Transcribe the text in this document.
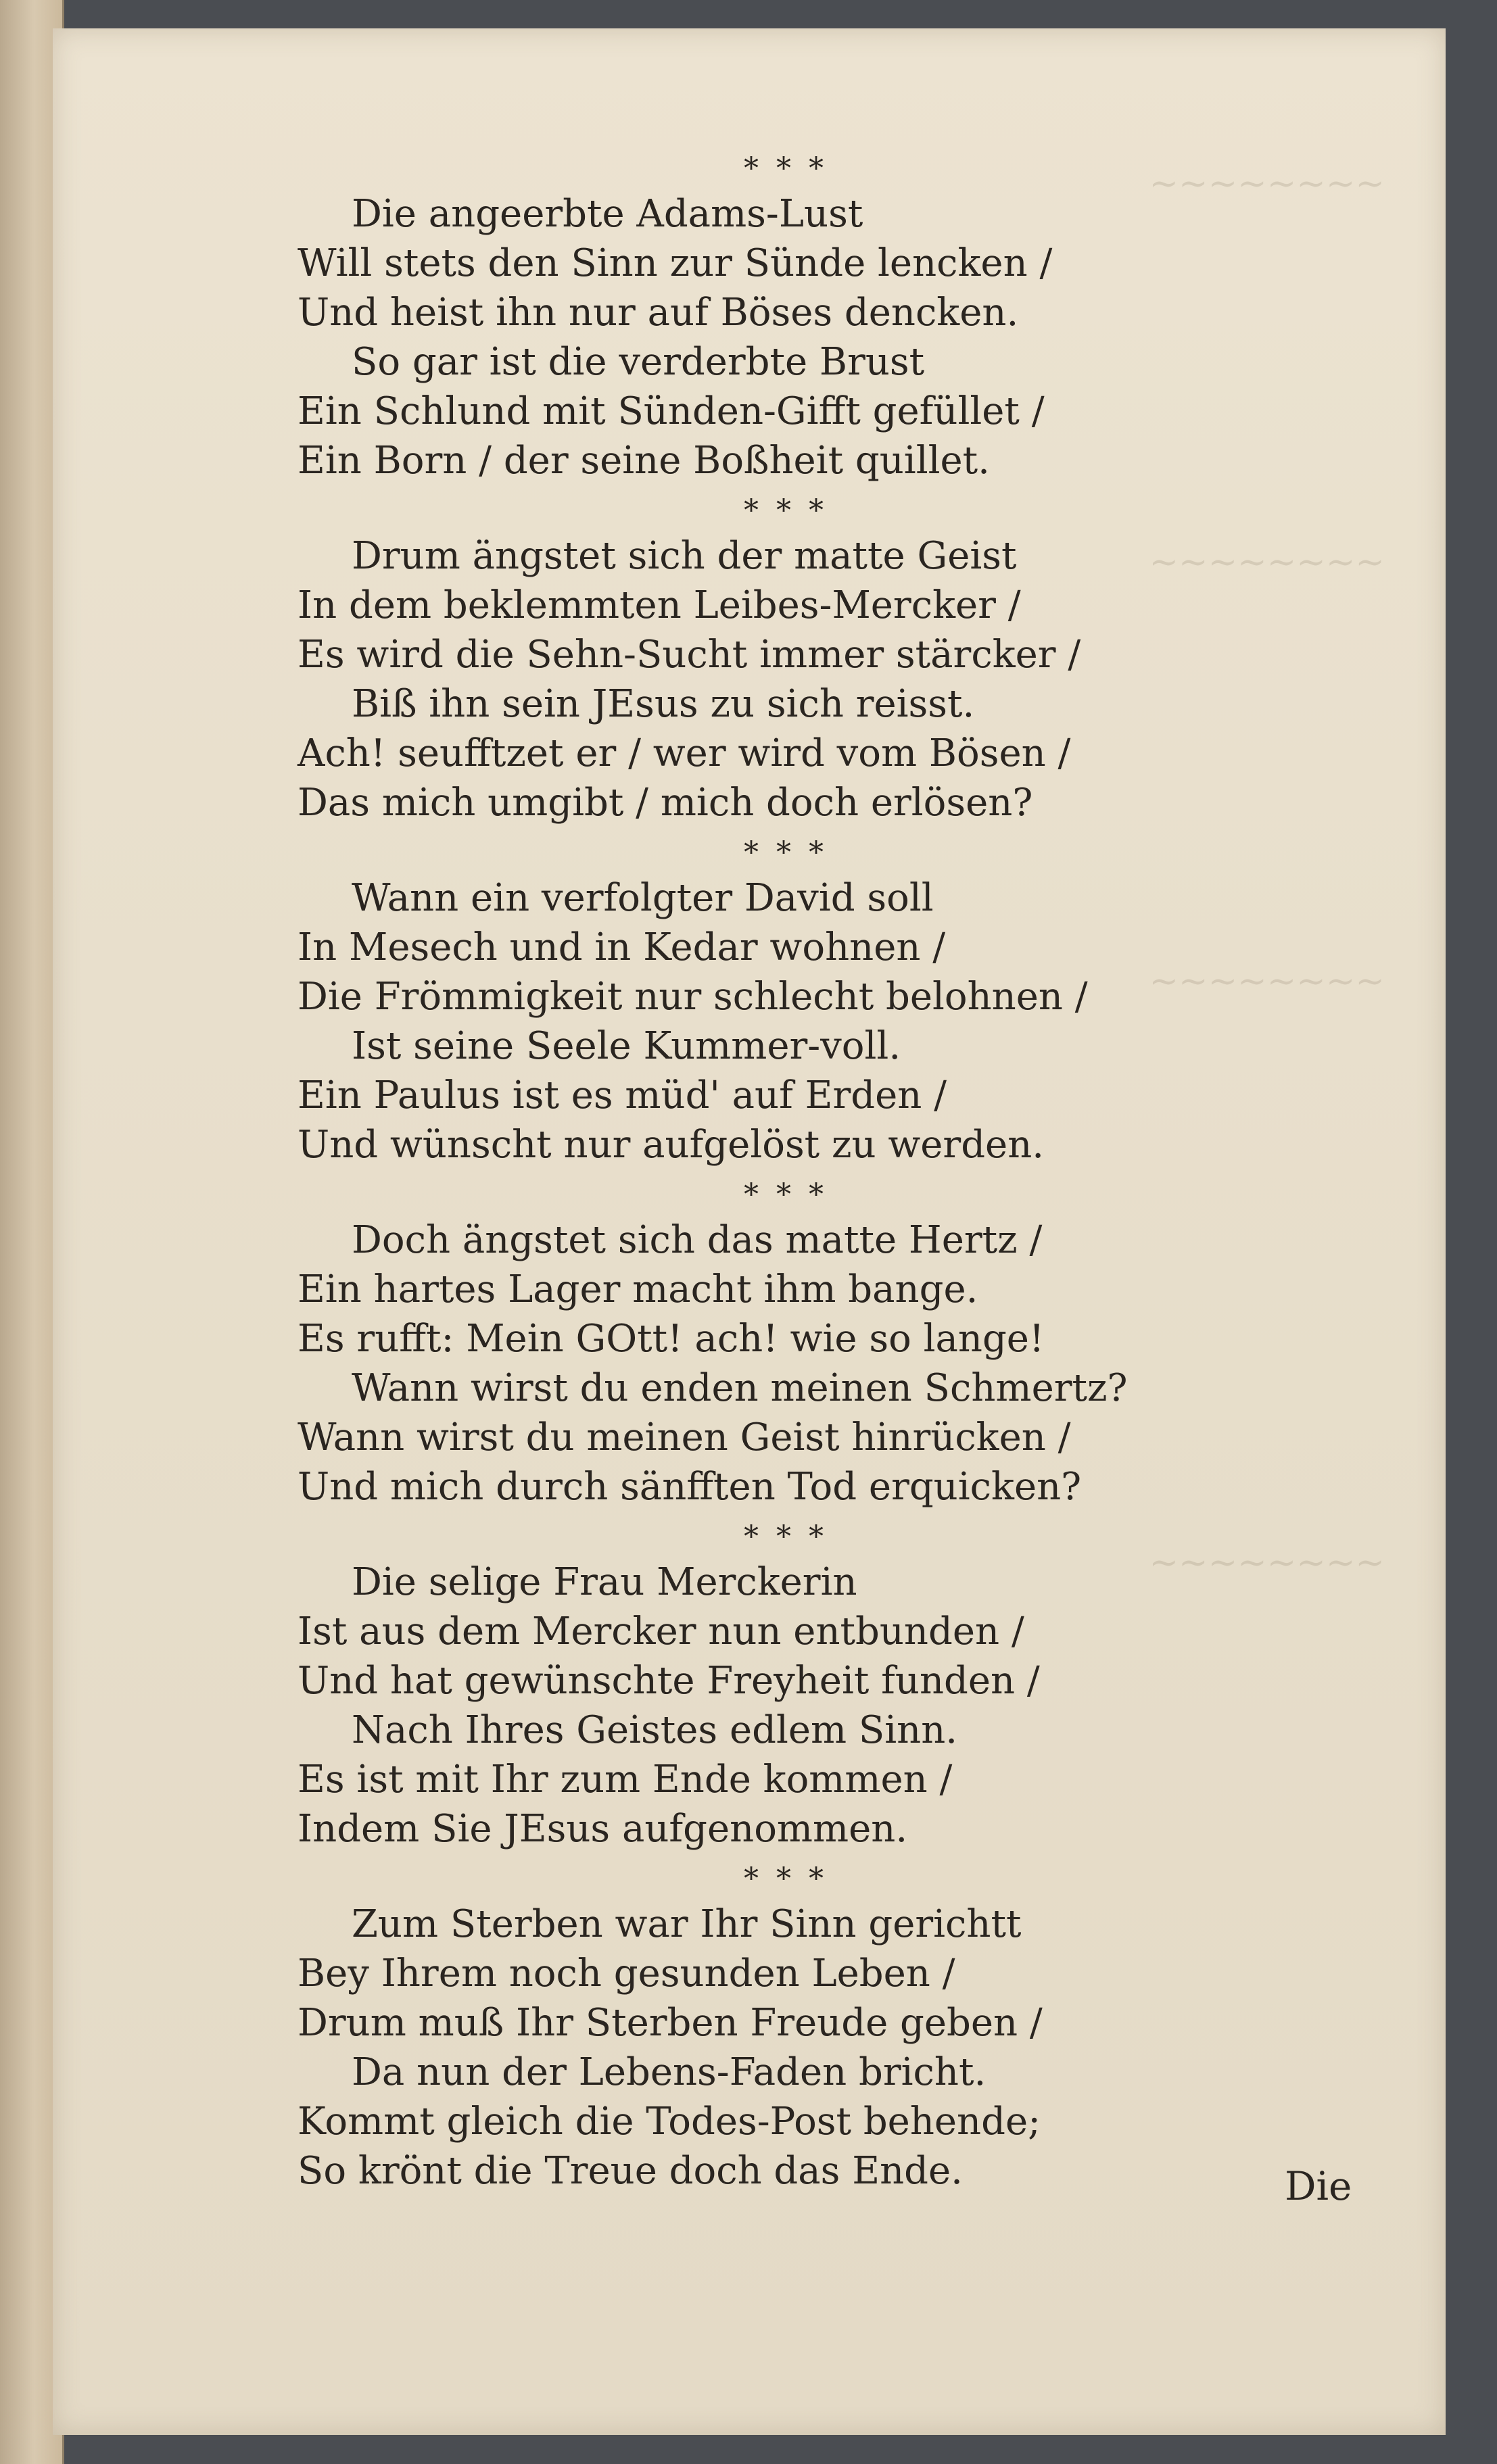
~~~~~~~~
~~~~~~~~
~~~~~~~~
~~~~~~~~
* * *
Die angeerbte Adams-Lust
Will stets den Sinn zur Sünde lencken /
Und heist ihn nur auf Böses dencken.
So gar ist die verderbte Brust
Ein Schlund mit Sünden-Gifft gefüllet /
Ein Born / der seine Boßheit quillet.
* * *
Drum ängstet sich der matte Geist
In dem beklemmten Leibes-Mercker /
Es wird die Sehn-Sucht immer stärcker /
Biß ihn sein JEsus zu sich reisst.
Ach! seufftzet er / wer wird vom Bösen /
Das mich umgibt / mich doch erlösen?
* * *
Wann ein verfolgter David soll
In Mesech und in Kedar wohnen /
Die Frömmigkeit nur schlecht belohnen /
Ist seine Seele Kummer-voll.
Ein Paulus ist es müd' auf Erden /
Und wünscht nur aufgelöst zu werden.
* * *
Doch ängstet sich das matte Hertz /
Ein hartes Lager macht ihm bange.
Es rufft: Mein GOtt! ach! wie so lange!
Wann wirst du enden meinen Schmertz?
Wann wirst du meinen Geist hinrücken /
Und mich durch sänfften Tod erquicken?
* * *
Die selige Frau Merckerin
Ist aus dem Mercker nun entbunden /
Und hat gewünschte Freyheit funden /
Nach Ihres Geistes edlem Sinn.
Es ist mit Ihr zum Ende kommen /
Indem Sie JEsus aufgenommen.
* * *
Zum Sterben war Ihr Sinn gerichtt
Bey Ihrem noch gesunden Leben /
Drum muß Ihr Sterben Freude geben /
Da nun der Lebens-Faden bricht.
Kommt gleich die Todes-Post behende;
So krönt die Treue doch das Ende.	Die
